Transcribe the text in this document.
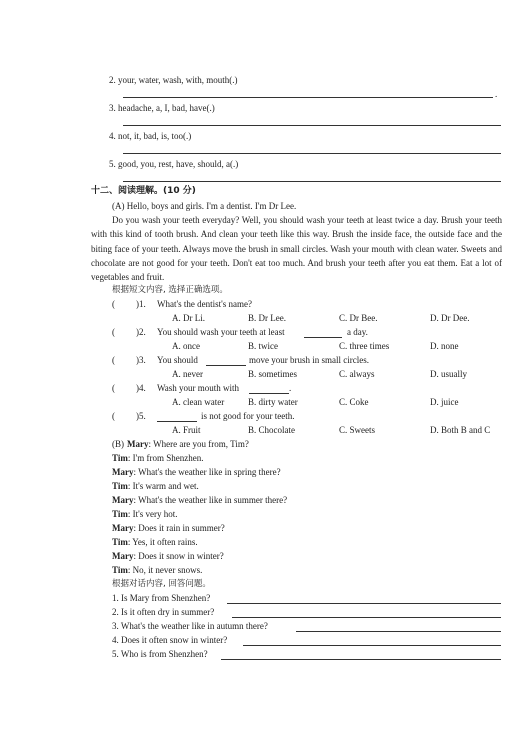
2. your, water, wash, with, mouth(.)
.
3. headache, a, I, bad, have(.)
4. not, it, bad, is, too(.)
5. good, you, rest, have, should, a(.)
十二、阅读理解。(10 分)
(A) Hello, boys and girls. I'm a dentist. I'm Dr Lee.
Do you wash your teeth everyday? Well, you should wash your teeth at least twice a day. Brush your teeth with this kind of tooth brush. And clean your teeth like this way. Brush the inside face, the outside face and the biting face of your teeth. Always move the brush in small circles. Wash your mouth with clean water. Sweets and chocolate are not good for your teeth. Don't eat too much. And brush your teeth after you eat them. Eat a lot of vegetables and fruit.
根据短文内容, 选择正确选项。
( )1. What's the dentist's name?
A. Dr Li.	B. Dr Lee.	C. Dr Bee.	D. Dr Dee.
( )2. You should wash your teeth at least	a day.
A. once	B. twice	C. three times	D. none
( )3. You should	move your brush in small circles.
A. never	B. sometimes	C. always	D. usually
( )4. Wash your mouth with	.
A. clean water	B. dirty water	C. Coke	D. juice
( )5.	is not good for your teeth.
A. Fruit	B. Chocolate	C. Sweets	D. Both B and C
(B) Mary: Where are you from, Tim?
Tim: I'm from Shenzhen.
Mary: What's the weather like in spring there?
Tim: It's warm and wet.
Mary: What's the weather like in summer there?
Tim: It's very hot.
Mary: Does it rain in summer?
Tim: Yes, it often rains.
Mary: Does it snow in winter?
Tim: No, it never snows.
根据对话内容, 回答问题。
1. Is Mary from Shenzhen?
2. Is it often dry in summer?
3. What's the weather like in autumn there?
4. Does it often snow in winter?
5. Who is from Shenzhen?
